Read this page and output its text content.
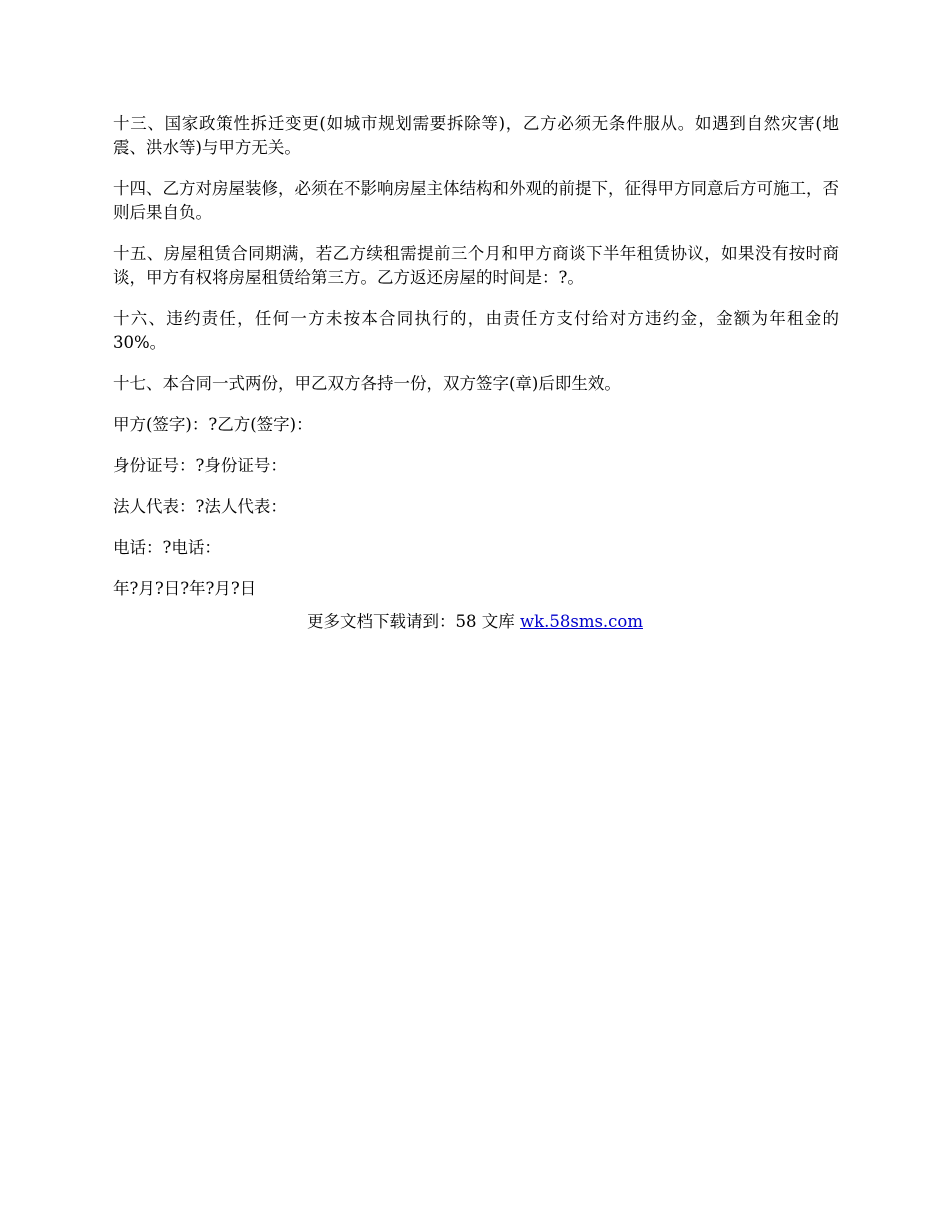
十三、国家政策性拆迁变更(如城市规划需要拆除等)，乙方必须无条件服从。如遇到自然灾害(地震、洪水等)与甲方无关。

十四、乙方对房屋装修，必须在不影响房屋主体结构和外观的前提下，征得甲方同意后方可施工，否则后果自负。

十五、房屋租赁合同期满，若乙方续租需提前三个月和甲方商谈下半年租赁协议，如果没有按时商谈，甲方有权将房屋租赁给第三方。乙方返还房屋的时间是：?。

十六、违约责任，任何一方未按本合同执行的，由责任方支付给对方违约金，金额为年租金的30%。

十七、本合同一式两份，甲乙双方各持一份，双方签字(章)后即生效。

甲方(签字)：?乙方(签字)：

身份证号：?身份证号：

法人代表：?法人代表：

电话：?电话：

年?月?日?年?月?日

更多文档下载请到：58 文库 wk.58sms.com
